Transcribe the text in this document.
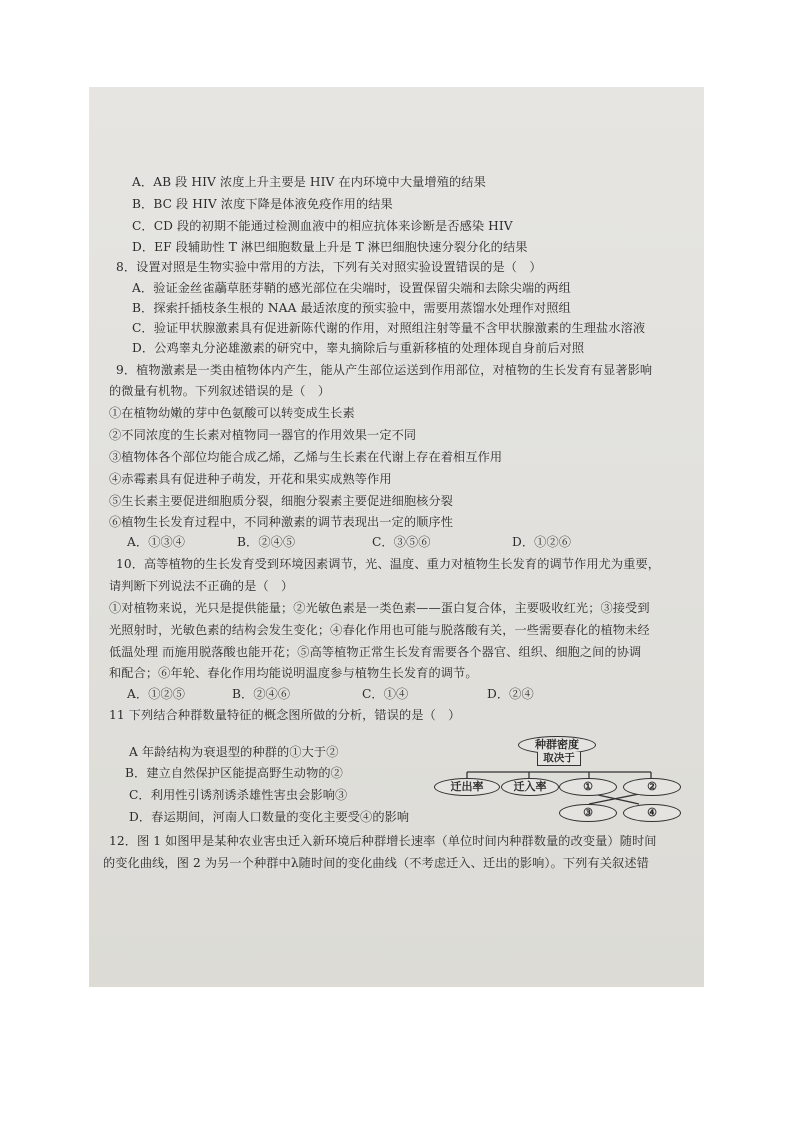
A．AB 段 HIV 浓度上升主要是 HIV 在内环境中大量增殖的结果
B．BC 段 HIV 浓度下降是体液免疫作用的结果
C．CD 段的初期不能通过检测血液中的相应抗体来诊断是否感染 HIV
D．EF 段辅助性 T 淋巴细胞数量上升是 T 淋巴细胞快速分裂分化的结果
8．设置对照是生物实验中常用的方法，下列有关对照实验设置错误的是（　）
A．验证金丝雀虉草胚芽鞘的感光部位在尖端时，设置保留尖端和去除尖端的两组
B．探索扦插枝条生根的 NAA 最适浓度的预实验中，需要用蒸馏水处理作对照组
C．验证甲状腺激素具有促进新陈代谢的作用，对照组注射等量不含甲状腺激素的生理盐水溶液
D．公鸡睾丸分泌雄激素的研究中，睾丸摘除后与重新移植的处理体现自身前后对照
9．植物激素是一类由植物体内产生，能从产生部位运送到作用部位，对植物的生长发育有显著影响
的微量有机物。下列叙述错误的是（　）
①在植物幼嫩的芽中色氨酸可以转变成生长素
②不同浓度的生长素对植物同一器官的作用效果一定不同
③植物体各个部位均能合成乙烯，乙烯与生长素在代谢上存在着相互作用
④赤霉素具有促进种子萌发，开花和果实成熟等作用
⑤生长素主要促进细胞质分裂，细胞分裂素主要促进细胞核分裂
⑥植物生长发育过程中，不同种激素的调节表现出一定的顺序性
A．①③④	B．②④⑤	C．③⑤⑥	D．①②⑥
10．高等植物的生长发育受到环境因素调节，光、温度、重力对植物生长发育的调节作用尤为重要，
请判断下列说法不正确的是（　）
①对植物来说，光只是提供能量；②光敏色素是一类色素——蛋白复合体，主要吸收红光；③接受到
光照射时，光敏色素的结构会发生变化；④春化作用也可能与脱落酸有关，一些需要春化的植物未经
低温处理 而施用脱落酸也能开花；⑤高等植物正常生长发育需要各个器官、组织、细胞之间的协调
和配合；⑥年轮、春化作用均能说明温度参与植物生长发育的调节。
A．①②⑤	B．②④⑥	C．①④	D．②④
11 下列结合种群数量特征的概念图所做的分析，错误的是（　）
A 年龄结构为衰退型的种群的①大于②
B．建立自然保护区能提高野生动物的②
C．利用性引诱剂诱杀雄性害虫会影响③
D．春运期间，河南人口数量的变化主要受④的影响
种群密度
取决于
迁出率	迁入率	①	②
③	④
12．图 1 如图甲是某种农业害虫迁入新环境后种群增长速率（单位时间内种群数量的改变量）随时间
的变化曲线，图 2 为另一个种群中λ随时间的变化曲线（不考虑迁入、迁出的影响）。下列有关叙述错
